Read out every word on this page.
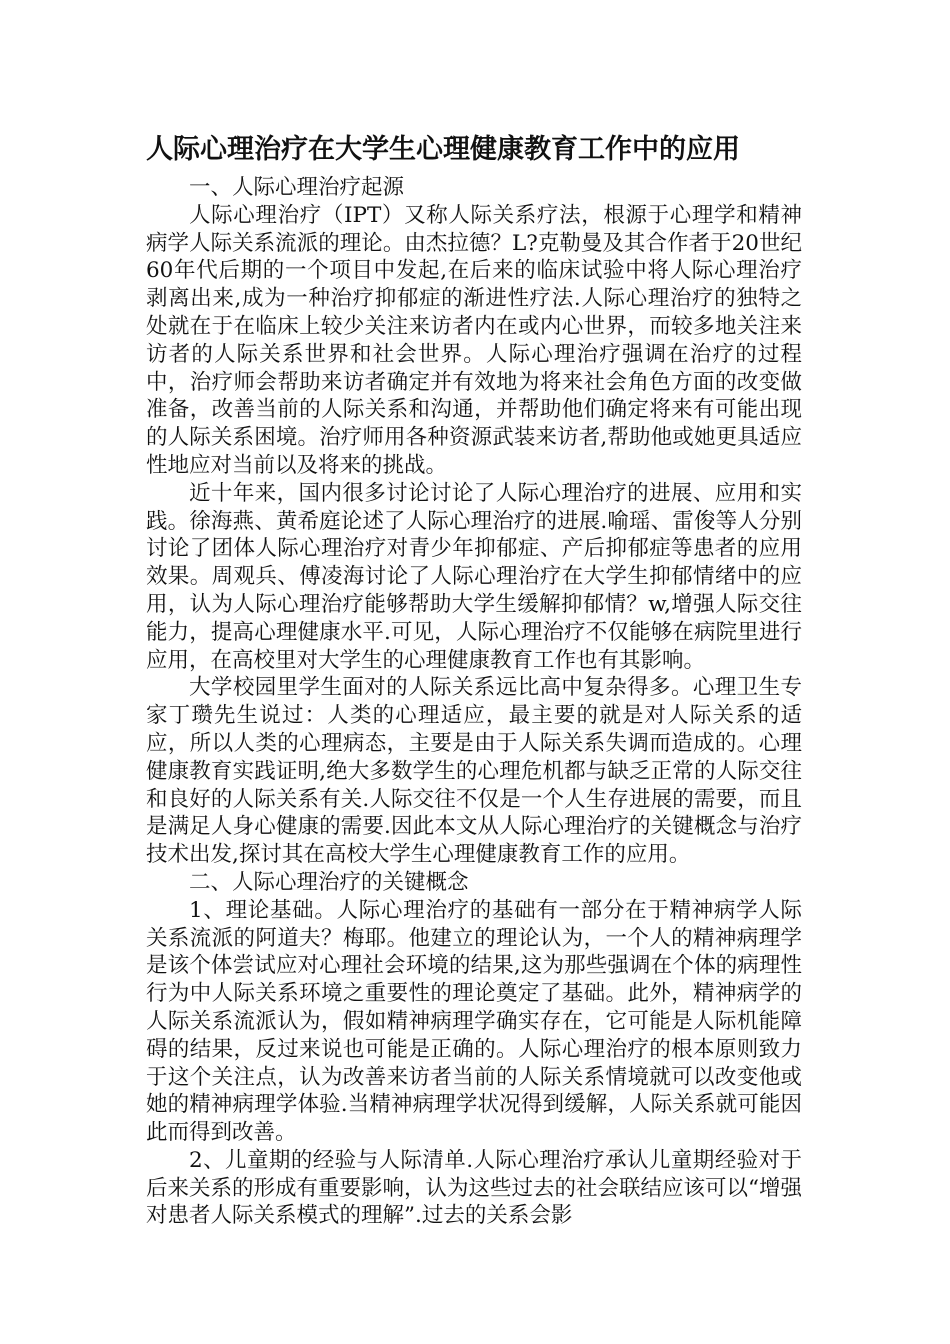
人际心理治疗在大学生心理健康教育工作中的应用
一、人际心理治疗起源

人际心理治疗（IPT）又称人际关系疗法，根源于心理学和精神病学人际关系流派的理论。由杰拉德？L?克勒曼及其合作者于20世纪60年代后期的一个项目中发起,在后来的临床试验中将人际心理治疗剥离出来,成为一种治疗抑郁症的渐进性疗法.人际心理治疗的独特之处就在于在临床上较少关注来访者内在或内心世界，而较多地关注来访者的人际关系世界和社会世界。人际心理治疗强调在治疗的过程中，治疗师会帮助来访者确定并有效地为将来社会角色方面的改变做准备，改善当前的人际关系和沟通，并帮助他们确定将来有可能出现的人际关系困境。治疗师用各种资源武装来访者,帮助他或她更具适应性地应对当前以及将来的挑战。

近十年来，国内很多讨论讨论了人际心理治疗的进展、应用和实践。徐海燕、黄希庭论述了人际心理治疗的进展.喻瑶、雷俊等人分别讨论了团体人际心理治疗对青少年抑郁症、产后抑郁症等患者的应用效果。周观兵、傅凌海讨论了人际心理治疗在大学生抑郁情绪中的应用，认为人际心理治疗能够帮助大学生缓解抑郁情？w,增强人际交往能力，提高心理健康水平.可见，人际心理治疗不仅能够在病院里进行应用，在高校里对大学生的心理健康教育工作也有其影响。

大学校园里学生面对的人际关系远比高中复杂得多。心理卫生专家丁瓒先生说过：人类的心理适应，最主要的就是对人际关系的适应，所以人类的心理病态，主要是由于人际关系失调而造成的。心理健康教育实践证明,绝大多数学生的心理危机都与缺乏正常的人际交往和良好的人际关系有关.人际交往不仅是一个人生存进展的需要，而且是满足人身心健康的需要.因此本文从人际心理治疗的关键概念与治疗技术出发,探讨其在高校大学生心理健康教育工作的应用。

二、人际心理治疗的关键概念

1、理论基础。人际心理治疗的基础有一部分在于精神病学人际关系流派的阿道夫？梅耶。他建立的理论认为，一个人的精神病理学是该个体尝试应对心理社会环境的结果,这为那些强调在个体的病理性行为中人际关系环境之重要性的理论奠定了基础。此外，精神病学的人际关系流派认为，假如精神病理学确实存在，它可能是人际机能障碍的结果，反过来说也可能是正确的。人际心理治疗的根本原则致力于这个关注点，认为改善来访者当前的人际关系情境就可以改变他或她的精神病理学体验.当精神病理学状况得到缓解，人际关系就可能因此而得到改善。

2、儿童期的经验与人际清单.人际心理治疗承认儿童期经验对于后来关系的形成有重要影响，认为这些过去的社会联结应该可以“增强对患者人际关系模式的理解”.过去的关系会影
